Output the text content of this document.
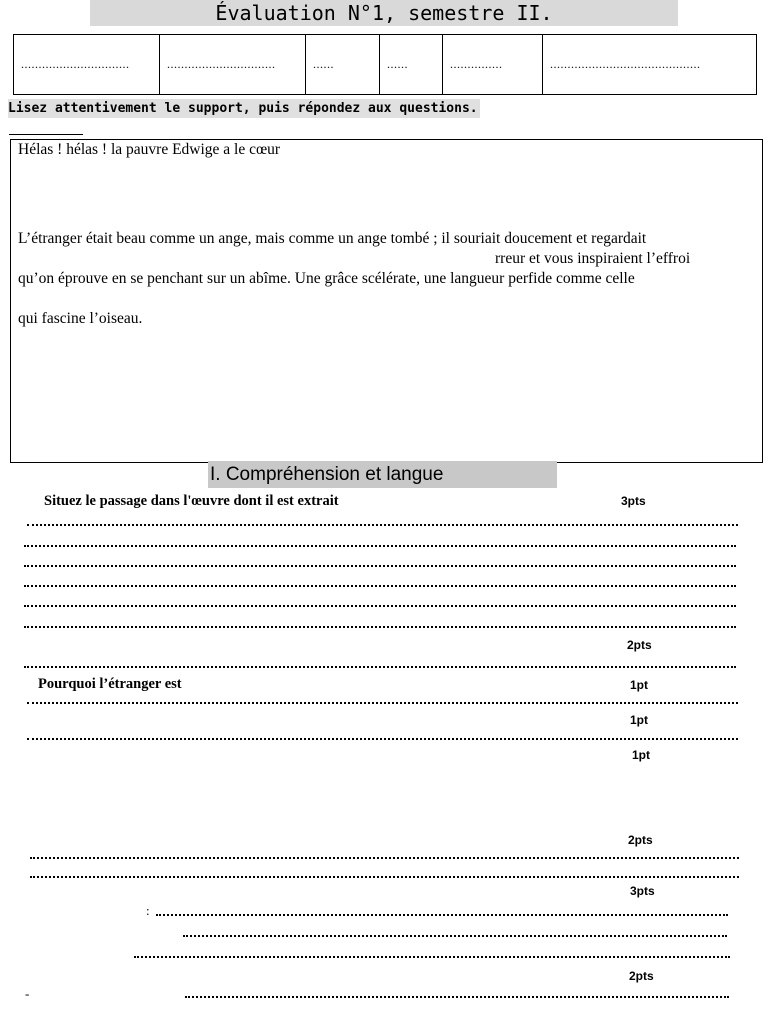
Évaluation N°1, semestre II.
...............................	...............................	......	......	...............	...........................................
Lisez attentivement le support, puis répondez aux questions.
Hélas ! hélas ! la pauvre Edwige a le cœur
L’étranger était beau comme un ange, mais comme un ange tombé ; il souriait doucement et regardait
rreur et vous inspiraient l’effroi
qu’on éprouve en se penchant sur un abîme. Une grâce scélérate, une langueur perfide comme celle
qui fascine l’oiseau.
I. Compréhension et langue
Situez le passage dans l'œuvre dont il est extrait	3pts
2pts
Pourquoi l’étranger est	1pt
1pt
1pt
2pts
3pts
:
2pts
-
